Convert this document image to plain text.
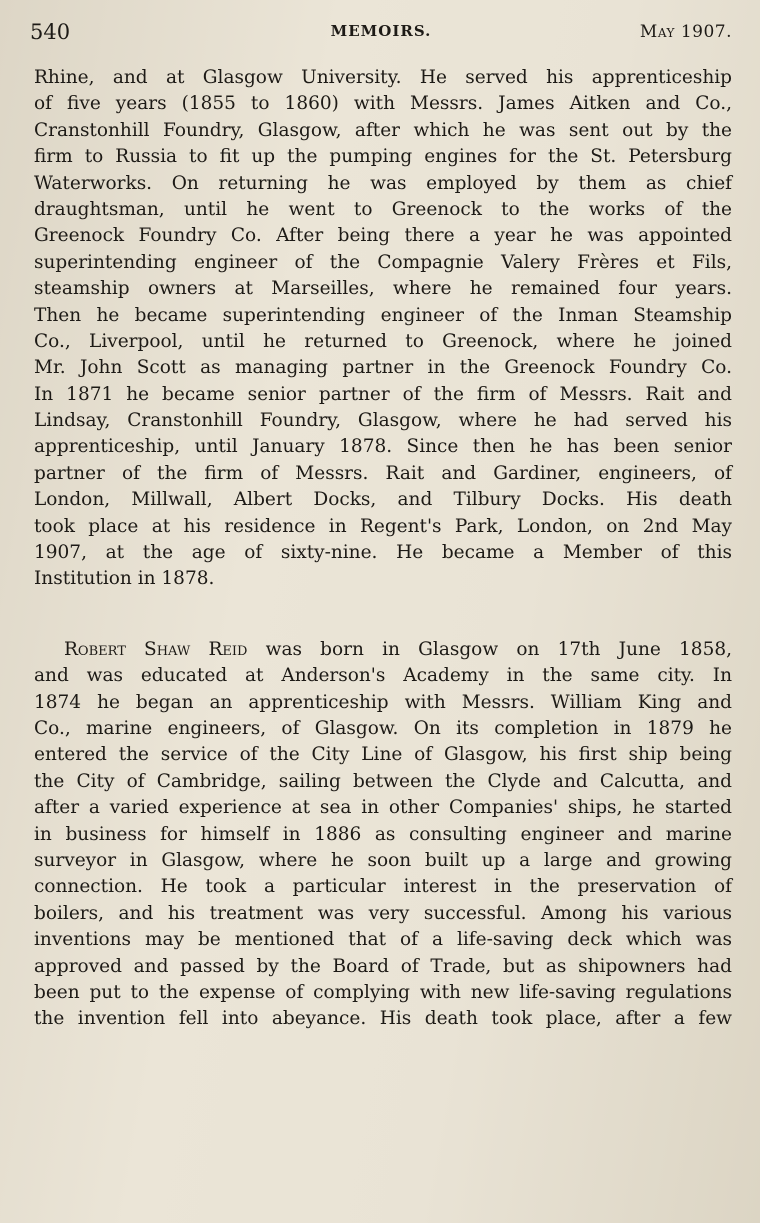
540	MEMOIRS.	May 1907.

Rhine, and at Glasgow University. He served his apprenticeship
of five years (1855 to 1860) with Messrs. James Aitken and Co.,
Cranstonhill Foundry, Glasgow, after which he was sent out by the
firm to Russia to fit up the pumping engines for the St. Petersburg
Waterworks. On returning he was employed by them as chief
draughtsman, until he went to Greenock to the works of the
Greenock Foundry Co. After being there a year he was appointed
superintending engineer of the Compagnie Valery Frères et Fils,
steamship owners at Marseilles, where he remained four years.
Then he became superintending engineer of the Inman Steamship
Co., Liverpool, until he returned to Greenock, where he joined
Mr. John Scott as managing partner in the Greenock Foundry Co.
In 1871 he became senior partner of the firm of Messrs. Rait and
Lindsay, Cranstonhill Foundry, Glasgow, where he had served his
apprenticeship, until January 1878. Since then he has been senior
partner of the firm of Messrs. Rait and Gardiner, engineers, of
London, Millwall, Albert Docks, and Tilbury Docks. His death
took place at his residence in Regent's Park, London, on 2nd May
1907, at the age of sixty-nine. He became a Member of this
Institution in 1878.

Robert Shaw Reid was born in Glasgow on 17th June 1858,
and was educated at Anderson's Academy in the same city. In
1874 he began an apprenticeship with Messrs. William King and
Co., marine engineers, of Glasgow. On its completion in 1879 he
entered the service of the City Line of Glasgow, his first ship being
the City of Cambridge, sailing between the Clyde and Calcutta, and
after a varied experience at sea in other Companies' ships, he started
in business for himself in 1886 as consulting engineer and marine
surveyor in Glasgow, where he soon built up a large and growing
connection. He took a particular interest in the preservation of
boilers, and his treatment was very successful. Among his various
inventions may be mentioned that of a life-saving deck which was
approved and passed by the Board of Trade, but as shipowners had
been put to the expense of complying with new life-saving regulations
the invention fell into abeyance. His death took place, after a few
